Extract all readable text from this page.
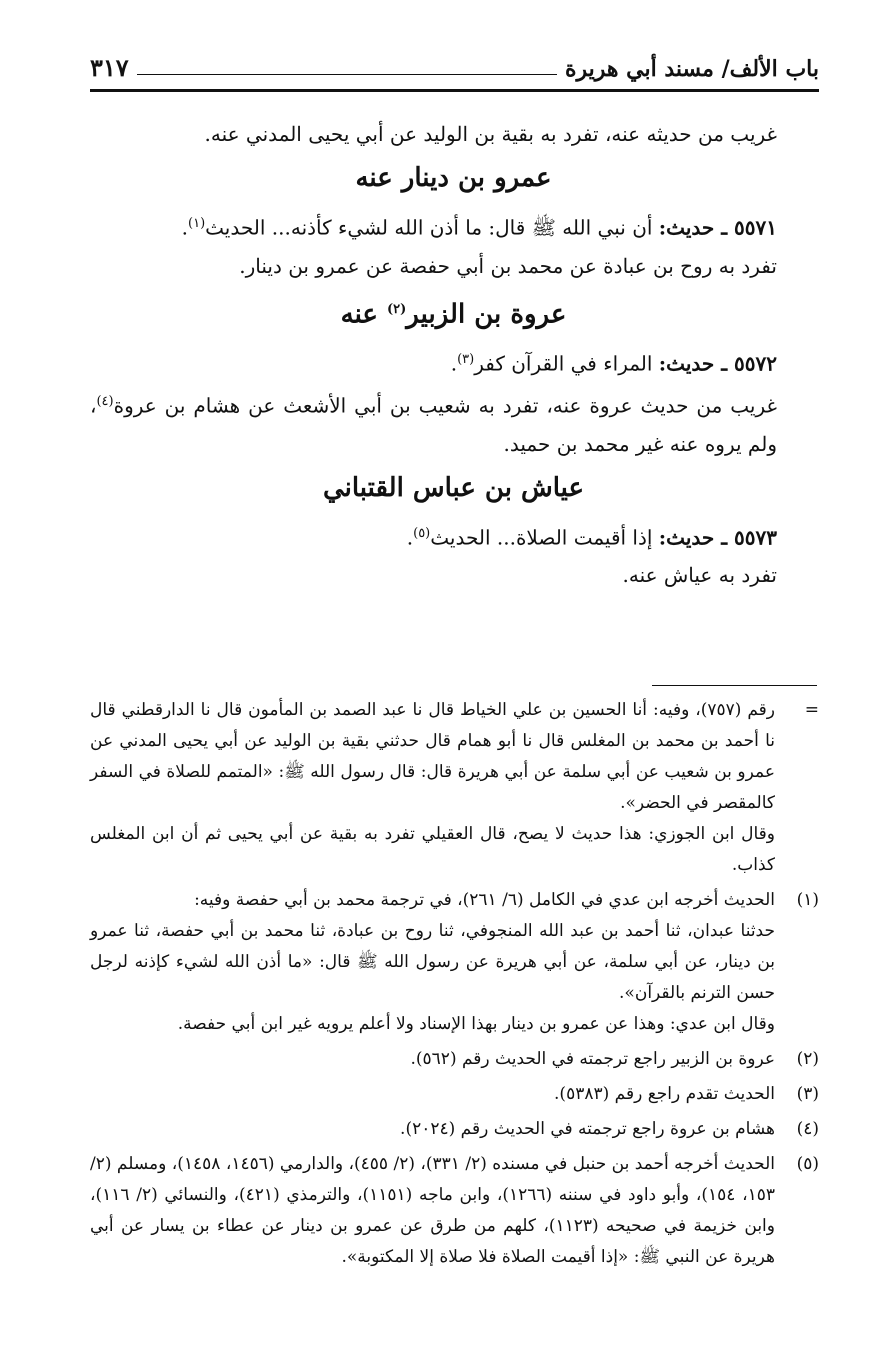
باب الألف/ مسند أبي هريرة
٣١٧

غريب من حديثه عنه، تفرد به بقية بن الوليد عن أبي يحيى المدني عنه.

عمرو بن دينار عنه

٥٥٧١ ـ حديث: أن نبي الله ﷺ قال: ما أذن الله لشيء كأذنه... الحديث$^{(١)}$.

تفرد به روح بن عبادة عن محمد بن أبي حفصة عن عمرو بن دينار.

عروة بن الزبير$^{(٢)}$ عنه

٥٥٧٢ ـ حديث: المراء في القرآن كفر$^{(٣)}$.

غريب من حديث عروة عنه، تفرد به شعيب بن أبي الأشعث عن هشام بن عروة$^{(٤)}$، ولم يروه عنه غير محمد بن حميد.

عياش بن عباس القتباني

٥٥٧٣ ـ حديث: إذا أقيمت الصلاة... الحديث$^{(٥)}$.

تفرد به عياش عنه.

=
رقم (٧٥٧)، وفيه: أنا الحسين بن علي الخياط قال نا عبد الصمد بن المأمون قال نا الدارقطني قال نا أحمد بن محمد بن المغلس قال نا أبو همام قال حدثني بقية بن الوليد عن أبي يحيى المدني عن عمرو بن شعيب عن أبي سلمة عن أبي هريرة قال: قال رسول الله ﷺ: «المتمم للصلاة في السفر كالمقصر في الحضر».
وقال ابن الجوزي: هذا حديث لا يصح، قال العقيلي تفرد به بقية عن أبي يحيى ثم أن ابن المغلس كذاب.
(١)
الحديث أخرجه ابن عدي في الكامل (٦/ ٢٦١)، في ترجمة محمد بن أبي حفصة وفيه:
حدثنا عبدان، ثنا أحمد بن عبد الله المنجوفي، ثنا روح بن عبادة، ثنا محمد بن أبي حفصة، ثنا عمرو بن دينار، عن أبي سلمة، عن أبي هريرة عن رسول الله ﷺ قال: «ما أذن الله لشيء كإذنه لرجل حسن الترنم بالقرآن».
وقال ابن عدي: وهذا عن عمرو بن دينار بهذا الإسناد ولا أعلم يرويه غير ابن أبي حفصة.
(٢)
عروة بن الزبير راجع ترجمته في الحديث رقم (٥٦٢).
(٣)
الحديث تقدم راجع رقم (٥٣٨٣).
(٤)
هشام بن عروة راجع ترجمته في الحديث رقم (٢٠٢٤).
(٥)
الحديث أخرجه أحمد بن حنبل في مسنده (٢/ ٣٣١)، (٢/ ٤٥٥)، والدارمي (١٤٥٦، ١٤٥٨)، ومسلم (٢/ ١٥٣، ١٥٤)، وأبو داود في سننه (١٢٦٦)، وابن ماجه (١١٥١)، والترمذي (٤٢١)، والنسائي (٢/ ١١٦)، وابن خزيمة في صحيحه (١١٢٣)، كلهم من طرق عن عمرو بن دينار عن عطاء بن يسار عن أبي هريرة عن النبي ﷺ: «إذا أقيمت الصلاة فلا صلاة إلا المكتوبة».
